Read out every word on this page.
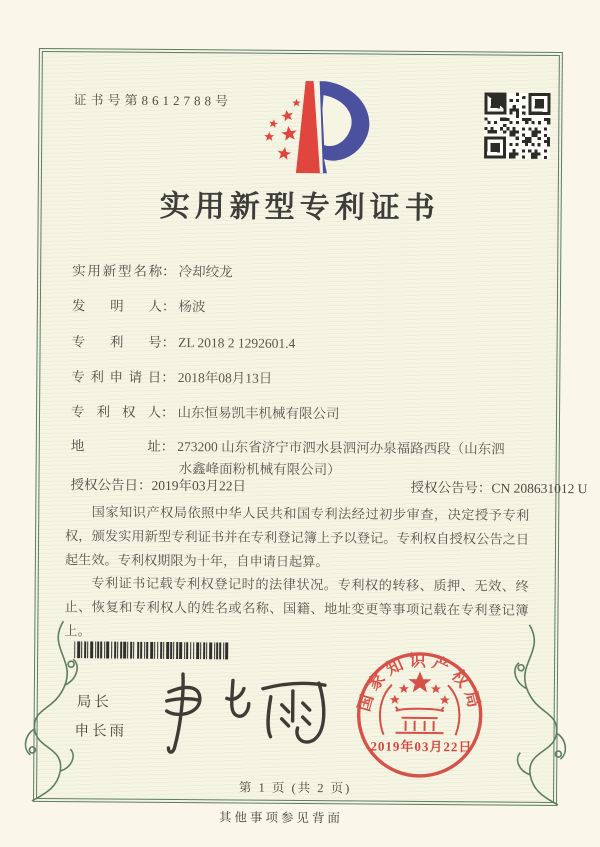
证书号第8612788号
实用新型专利证书
实用新型名称： 冷却绞龙
发明人： 杨波
专利号： ZL 2018 2 1292601.4
专利申请日： 2018年08月13日
专利权人： 山东恒易凯丰机械有限公司
地址： 273200 山东省济宁市泗水县泗河办泉福路西段（山东泗
水鑫峰面粉机械有限公司）
授权公告日：2019年03月22日	授权公告号：CN 208631012 U

国家知识产权局依照中华人民共和国专利法经过初步审查，决定授予专利权，颁发实用新型专利证书并在专利登记簿上予以登记。专利权自授权公告之日起生效。专利权期限为十年，自申请日起算。

专利证书记载专利权登记时的法律状况。专利权的转移、质押、无效、终止、恢复和专利权人的姓名或名称、国籍、地址变更等事项记载在专利登记簿上。

局长
申长雨
国家知识产权局
2019年03月22日
第 1 页 (共 2 页)
其他事项参见背面
